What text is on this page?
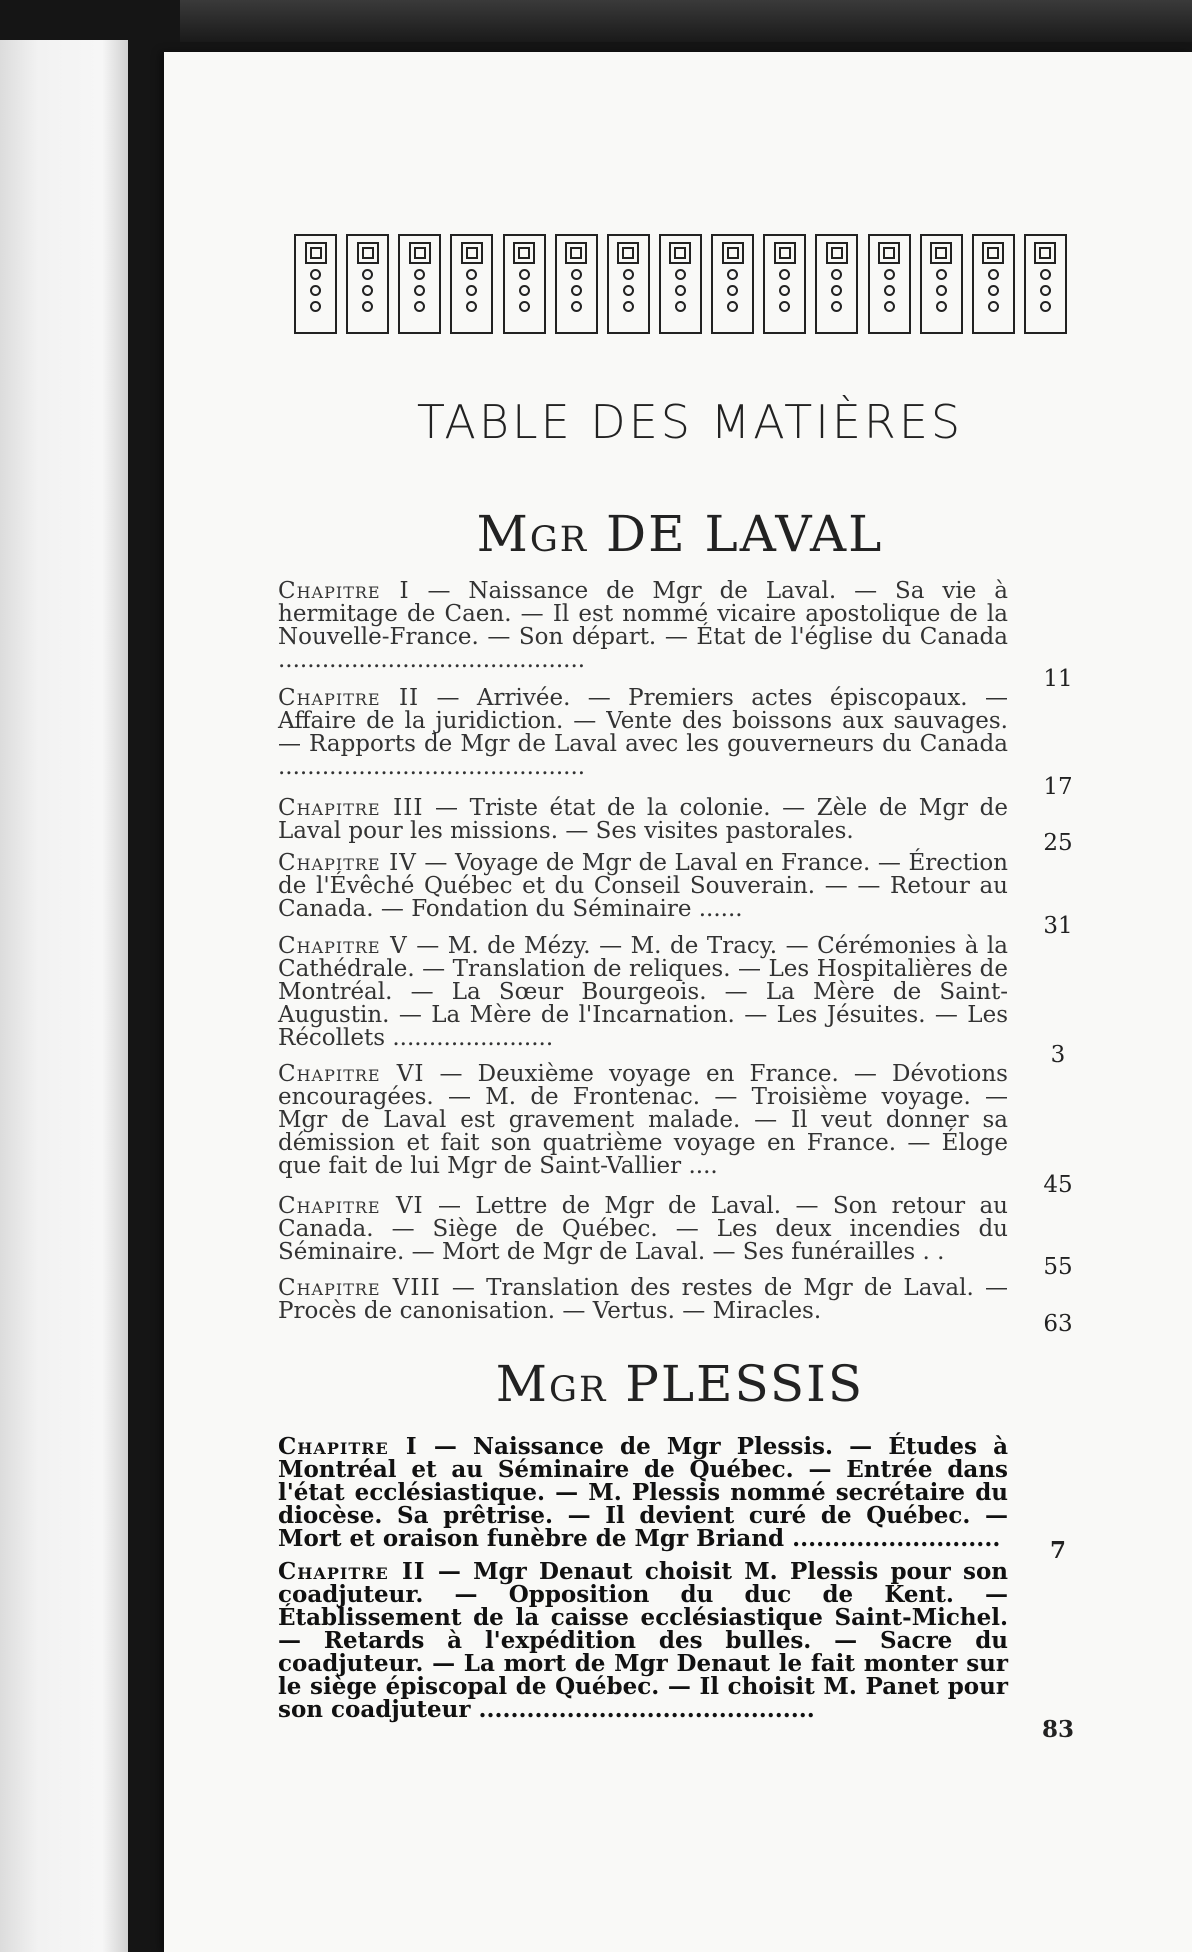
TABLE DES MATIÈRES
Mgr DE LAVAL
Chapitre I — Naissance de Mgr de Laval. — Sa vie à hermitage de Caen. — Il est nommé vicaire apostolique de la Nouvelle-France. — Son départ. — État de l'église du Canada ..........................................
11
Chapitre II — Arrivée. — Premiers actes épiscopaux. — Affaire de la juridiction. — Vente des boissons aux sauvages. — Rapports de Mgr de Laval avec les gouverneurs du Canada ..........................................
17
Chapitre III — Triste état de la colonie. — Zèle de Mgr de Laval pour les missions. — Ses visites pastorales.	25
Chapitre IV — Voyage de Mgr de Laval en France. — Érection de l'Évêché Québec et du Conseil Souverain. — — Retour au Canada. — Fondation du Séminaire ......
31
Chapitre V — M. de Mézy. — M. de Tracy. — Cérémonies à la Cathédrale. — Translation de reliques. — Les Hospitalières de Montréal. — La Sœur Bourgeois. — La Mère de Saint-Augustin. — La Mère de l'Incarnation. — Les Jésuites. — Les Récollets ......................
3
Chapitre VI — Deuxième voyage en France. — Dévotions encouragées. — M. de Frontenac. — Troisième voyage. — Mgr de Laval est gravement malade. — Il veut donner sa démission et fait son quatrième voyage en France. — Éloge que fait de lui Mgr de Saint-Vallier ....
45
Chapitre VI — Lettre de Mgr de Laval. — Son retour au Canada. — Siège de Québec. — Les deux incendies du Séminaire. — Mort de Mgr de Laval. — Ses funérailles . .
55
Chapitre VIII — Translation des restes de Mgr de Laval. — Procès de canonisation. — Vertus. — Miracles.	63
Mgr PLESSIS
Chapitre I — Naissance de Mgr Plessis. — Études à Montréal et au Séminaire de Québec. — Entrée dans l'état ecclésiastique. — M. Plessis nommé secrétaire du diocèse. Sa prêtrise. — Il devient curé de Québec. — Mort et oraison funèbre de Mgr Briand ..........................	7
Chapitre II — Mgr Denaut choisit M. Plessis pour son coadjuteur. — Opposition du duc de Kent. — Établissement de la caisse ecclésiastique Saint-Michel. — Retards à l'expédition des bulles. — Sacre du coadjuteur. — La mort de Mgr Denaut le fait monter sur le siège épiscopal de Québec. — Il choisit M. Panet pour son coadjuteur ..........................................
83
